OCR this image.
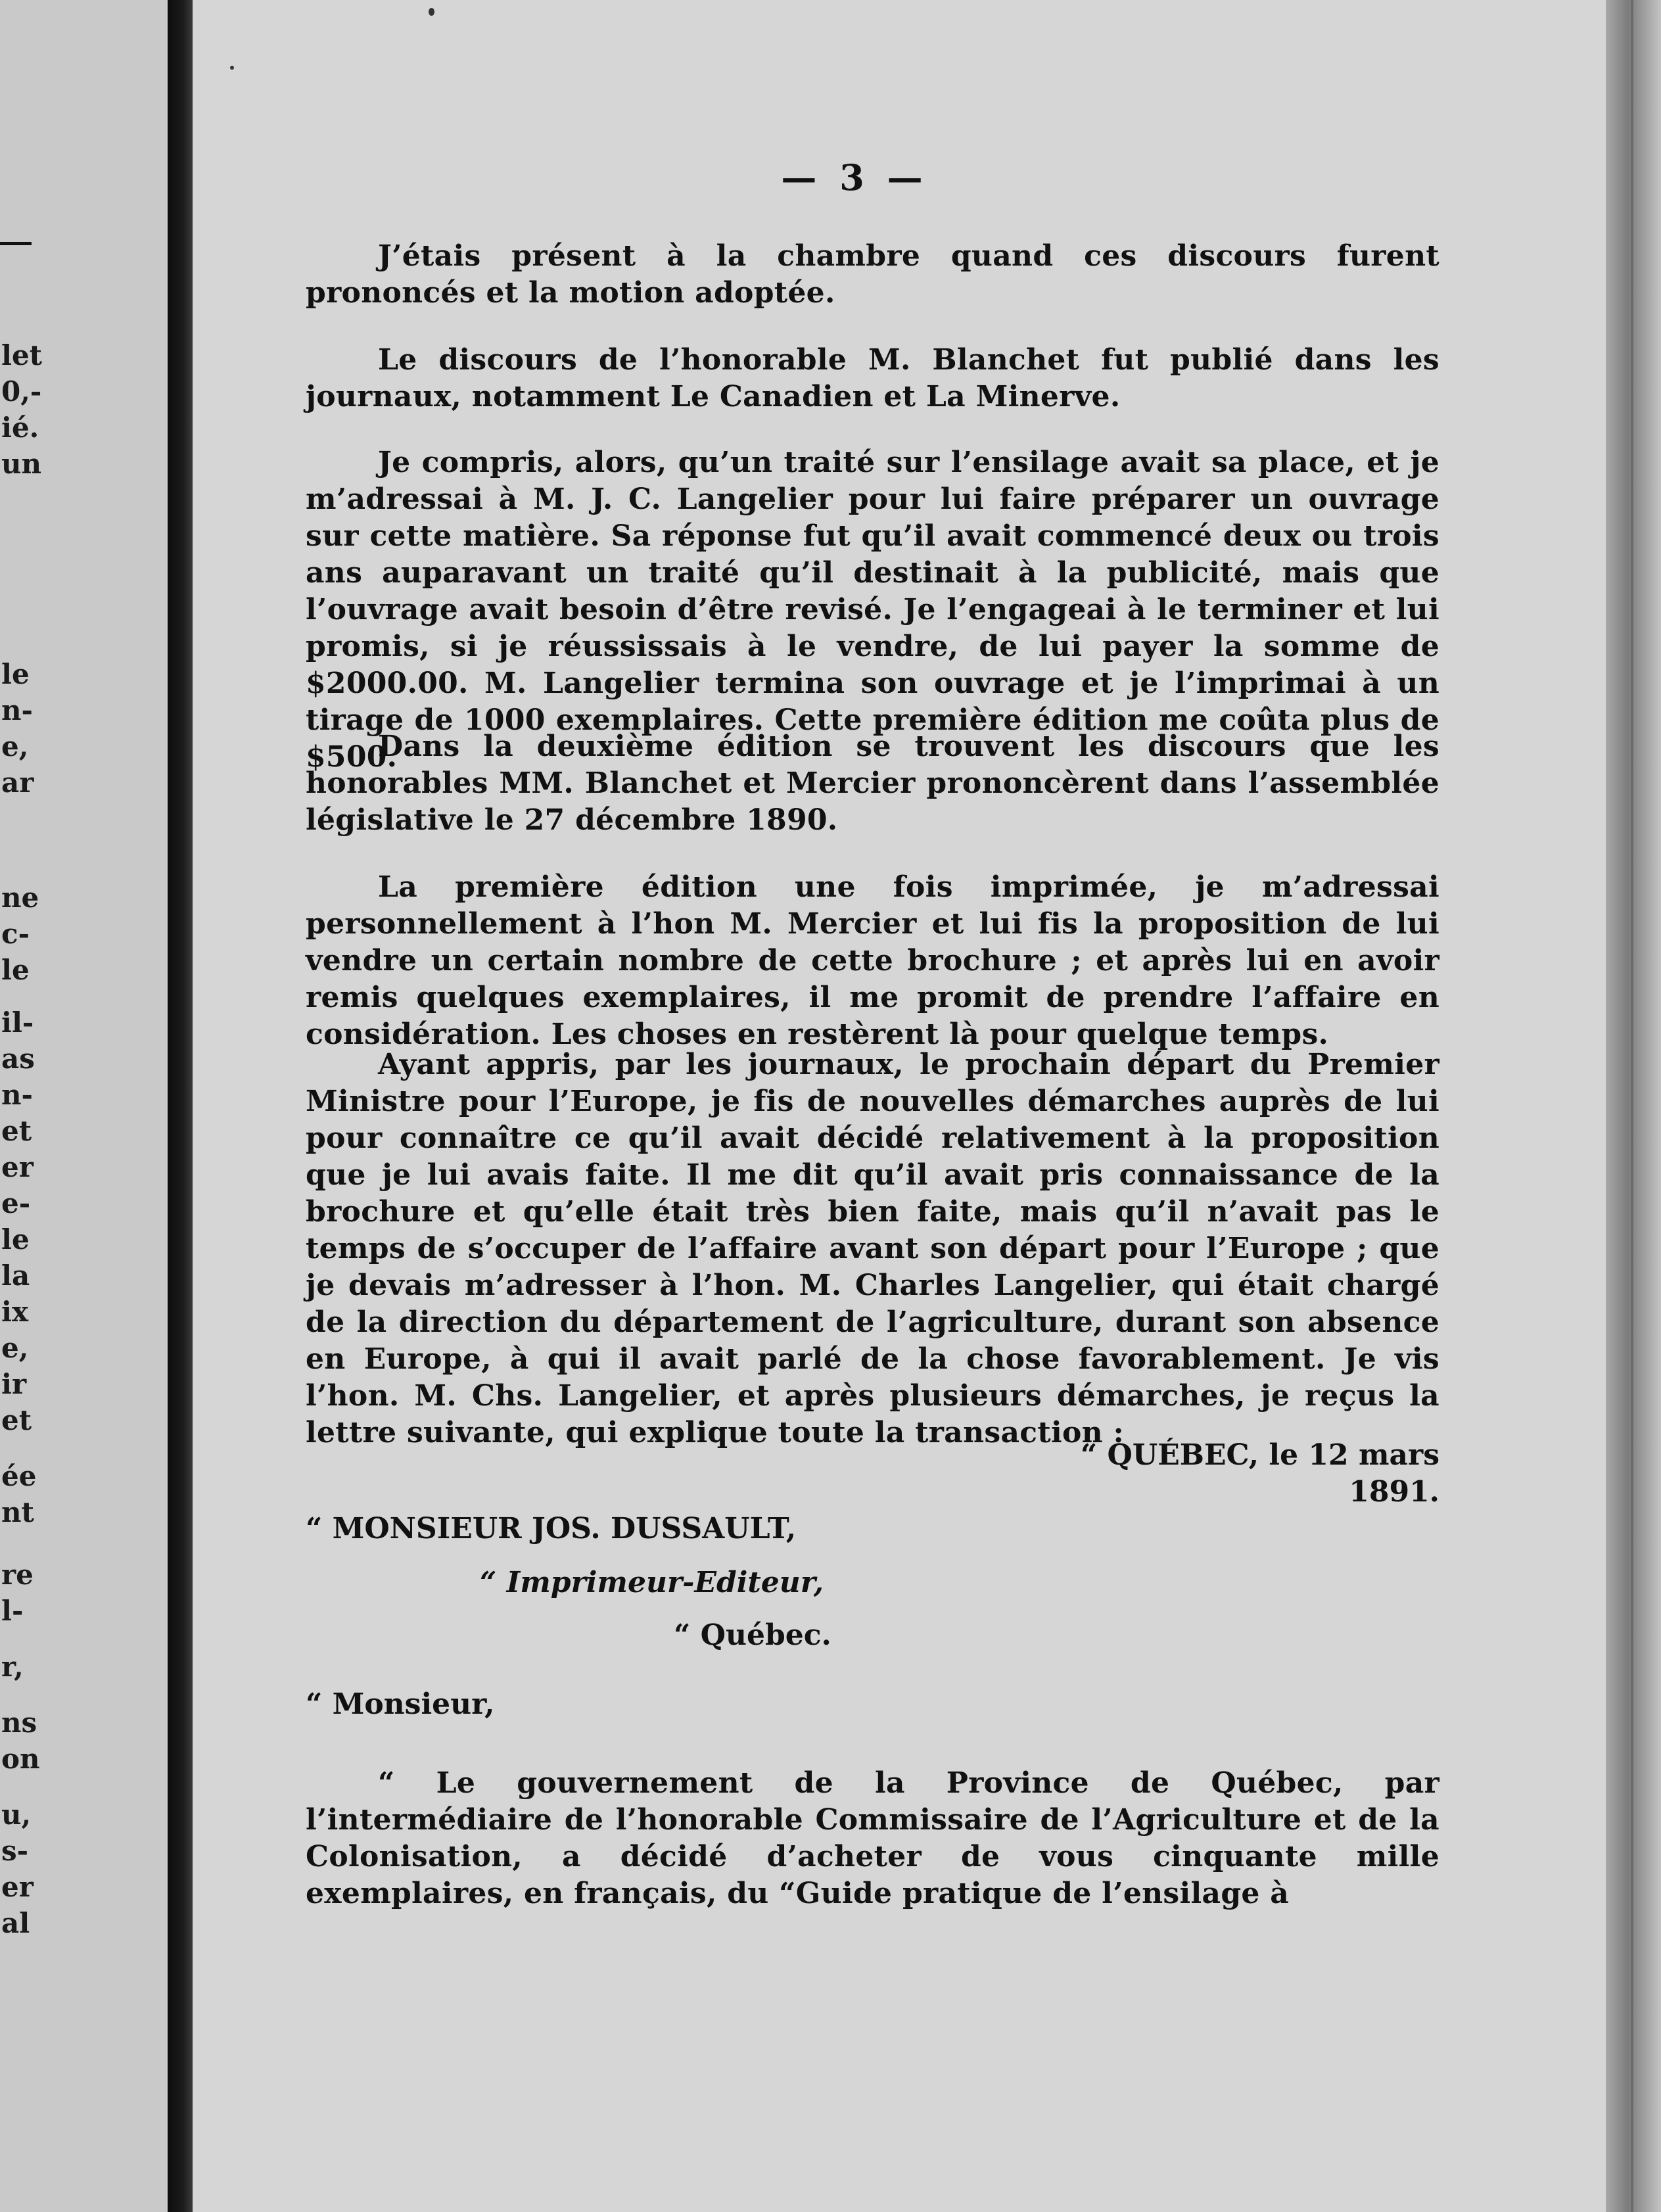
let
0,-
ié.
un
le
n-
e,
ar
ne
c-
le
il-
as
n-
et
er
e-
le
la
ix
e,
ir
et
ée
nt
re
l-
r,
ns
on
u,
s-
er
al
— 3 —

J’étais présent à la chambre quand ces discours furent prononcés et la motion adoptée.

Le discours de l’honorable M. Blanchet fut publié dans les journaux, notamment Le Canadien et La Minerve.

Je compris, alors, qu’un traité sur l’ensilage avait sa place, et je m’adressai à M. J. C. Langelier pour lui faire préparer un ouvrage sur cette matière. Sa réponse fut qu’il avait commencé deux ou trois ans auparavant un traité qu’il destinait à la publicité, mais que l’ouvrage avait besoin d’être revisé. Je l’engageai à le terminer et lui promis, si je réussissais à le vendre, de lui payer la somme de $2000.00. M. Langelier termina son ouvrage et je l’imprimai à un tirage de 1000 exemplaires. Cette première édition me coûta plus de $500.

Dans la deuxième édition se trouvent les discours que les honorables MM. Blanchet et Mercier prononcèrent dans l’assemblée législative le 27 décembre 1890.

La première édition une fois imprimée, je m’adressai personnellement à l’hon M. Mercier et lui fis la proposition de lui vendre un certain nombre de cette brochure ; et après lui en avoir remis quelques exemplaires, il me promit de prendre l’affaire en considération. Les choses en restèrent là pour quelque temps.

Ayant appris, par les journaux, le prochain départ du Premier Ministre pour l’Europe, je fis de nouvelles démarches auprès de lui pour connaître ce qu’il avait décidé relativement à la proposition que je lui avais faite. Il me dit qu’il avait pris connaissance de la brochure et qu’elle était très bien faite, mais qu’il n’avait pas le temps de s’occuper de l’affaire avant son départ pour l’Europe ; que je devais m’adresser à l’hon. M. Charles Langelier, qui était chargé de la direction du département de l’agriculture, durant son absence en Europe, à qui il avait parlé de la chose favorablement. Je vis l’hon. M. Chs. Langelier, et après plusieurs démarches, je reçus la lettre suivante, qui explique toute la transaction :

“ QUÉBEC, le 12 mars 1891.
“ MONSIEUR JOS. DUSSAULT,
“ Imprimeur-Editeur,
“ Québec.
“ Monsieur,

“ Le gouvernement de la Province de Québec, par l’intermédiaire de l’honorable Commissaire de l’Agriculture et de la Colonisation, a décidé d’acheter de vous cinquante mille exemplaires, en français, du “Guide pratique de l’ensilage à
